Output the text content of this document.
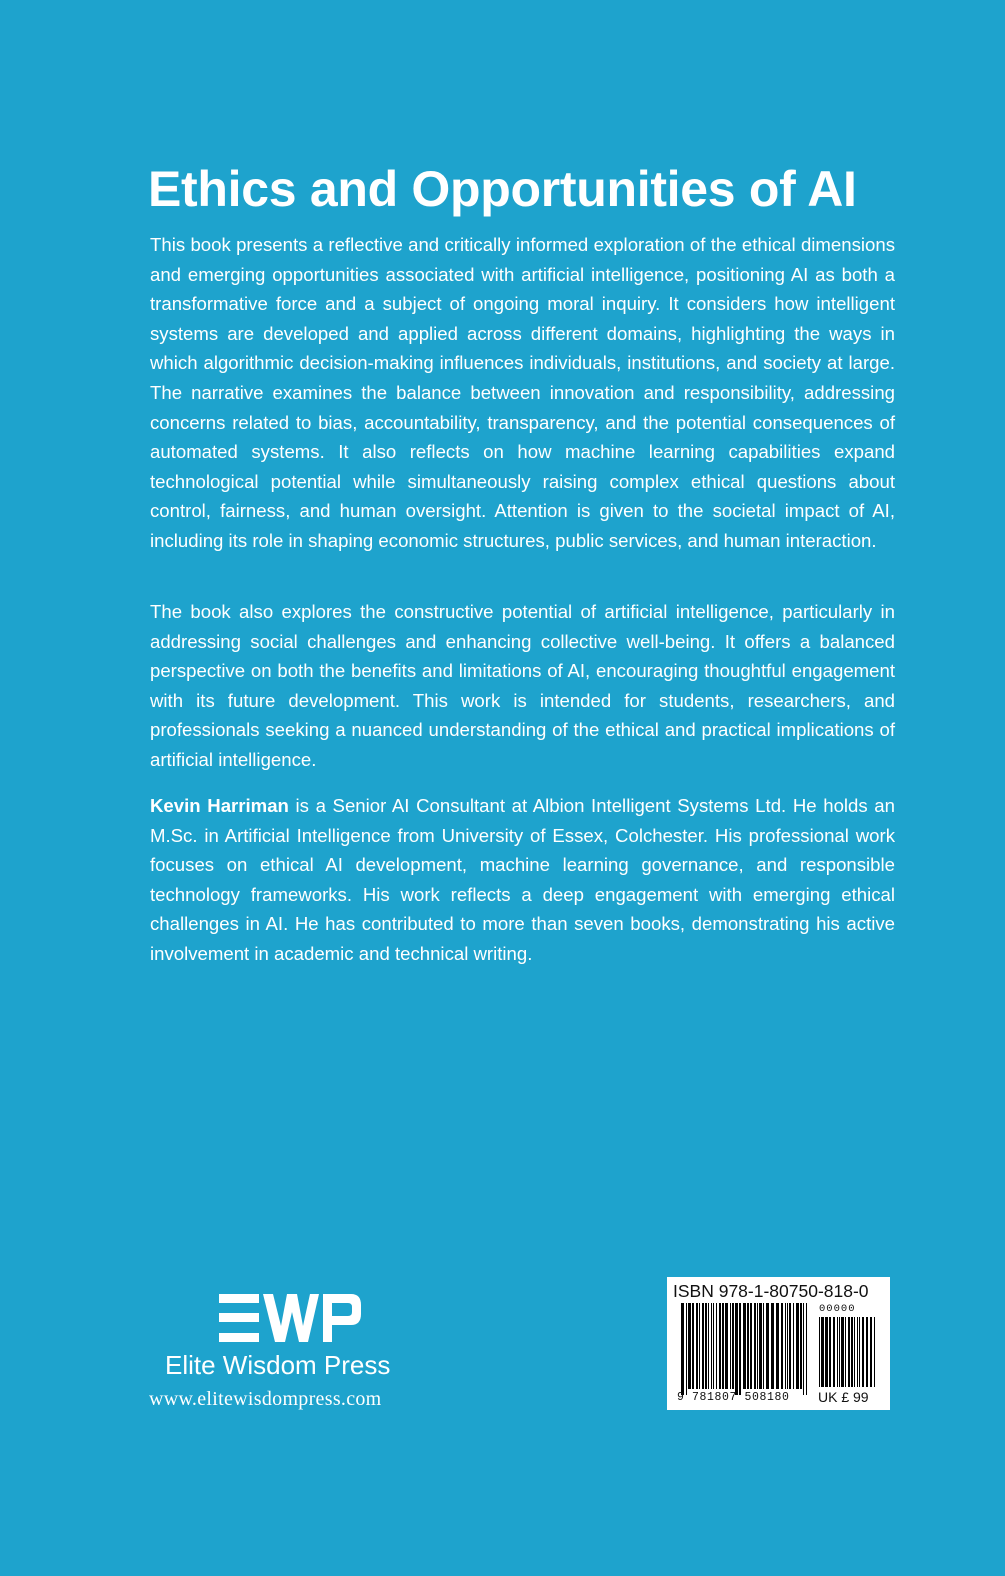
Ethics and Opportunities of AI

This book presents a reflective and critically informed exploration of the ethical dimensions and emerging opportunities associated with artificial intelligence, positioning AI as both a transformative force and a subject of ongoing moral inquiry. It considers how intelligent systems are developed and applied across different domains, highlighting the ways in which algorithmic decision-making influences individuals, institutions, and society at large. The narrative examines the balance between innovation and responsibility, addressing concerns related to bias, accountability, transparency, and the potential consequences of automated systems. It also reflects on how machine learning capabilities expand technological potential while simultaneously raising complex ethical questions about control, fairness, and human oversight. Attention is given to the societal impact of AI, including its role in shaping economic structures, public services, and human interaction.

The book also explores the constructive potential of artificial intelligence, particularly in addressing social challenges and enhancing collective well-being. It offers a balanced perspective on both the benefits and limitations of AI, encouraging thoughtful engagement with its future development. This work is intended for students, researchers, and professionals seeking a nuanced understanding of the ethical and practical implications of artificial intelligence.

Kevin Harriman is a Senior AI Consultant at Albion Intelligent Systems Ltd. He holds an M.Sc. in Artificial Intelligence from University of Essex, Colchester. His professional work focuses on ethical AI development, machine learning governance, and responsible technology frameworks. His work reflects a deep engagement with emerging ethical challenges in AI. He has contributed to more than seven books, demonstrating his active involvement in academic and technical writing.

Elite Wisdom Press
www.elitewisdompress.com
ISBN 978-1-80750-818-0
00000
9 781807 508180 UK £ 99
